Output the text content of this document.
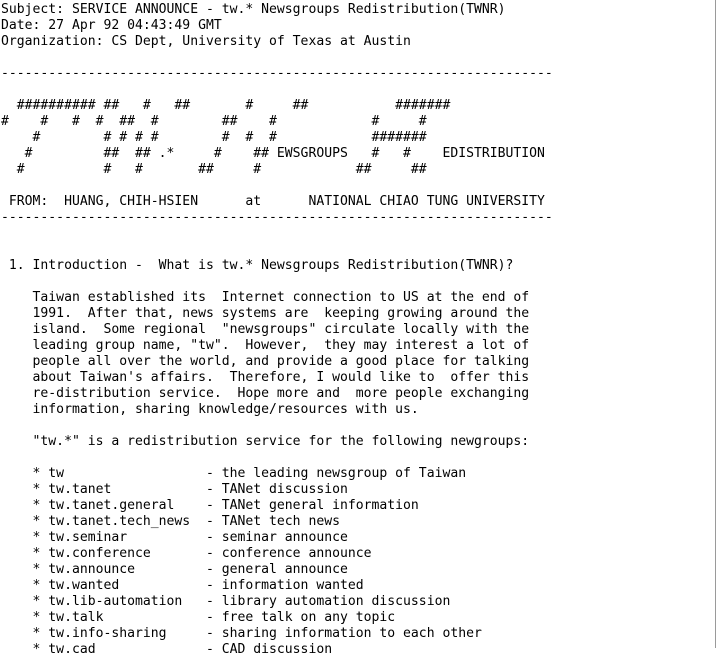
Subject: SERVICE ANNOUNCE - tw.* Newsgroups Redistribution(TWNR)
Date: 27 Apr 92 04:43:49 GMT
Organization: CS Dept, University of Texas at Austin
----------------------------------------------------------------------
########## ##   #   ##       #     ##           #######
#    #   #  #  ##  #        ##    #            #     #
#        # # # #        #  #  #            #######
#         ##  ## .*     #    ## EWSGROUPS   #   #    EDISTRIBUTION
#          #   #       ##     #            ##     ##
FROM:  HUANG, CHIH-HSIEN      at      NATIONAL CHIAO TUNG UNIVERSITY
----------------------------------------------------------------------
1. Introduction -  What is tw.* Newsgroups Redistribution(TWNR)?
Taiwan established its  Internet connection to US at the end of
1991.  After that, news systems are  keeping growing around the
island.  Some regional  "newsgroups" circulate locally with the
leading group name, "tw".  However,  they may interest a lot of
people all over the world, and provide a good place for talking
about Taiwan's affairs.  Therefore, I would like to  offer this
re-distribution service.  Hope more and  more people exchanging
information, sharing knowledge/resources with us.
"tw.*" is a redistribution service for the following newgroups:
* tw                  - the leading newsgroup of Taiwan
* tw.tanet            - TANet discussion
* tw.tanet.general    - TANet general information
* tw.tanet.tech_news  - TANet tech news
* tw.seminar          - seminar announce
* tw.conference       - conference announce
* tw.announce         - general announce
* tw.wanted           - information wanted
* tw.lib-automation   - library automation discussion
* tw.talk             - free talk on any topic
* tw.info-sharing     - sharing information to each other
* tw.cad              - CAD discussion
